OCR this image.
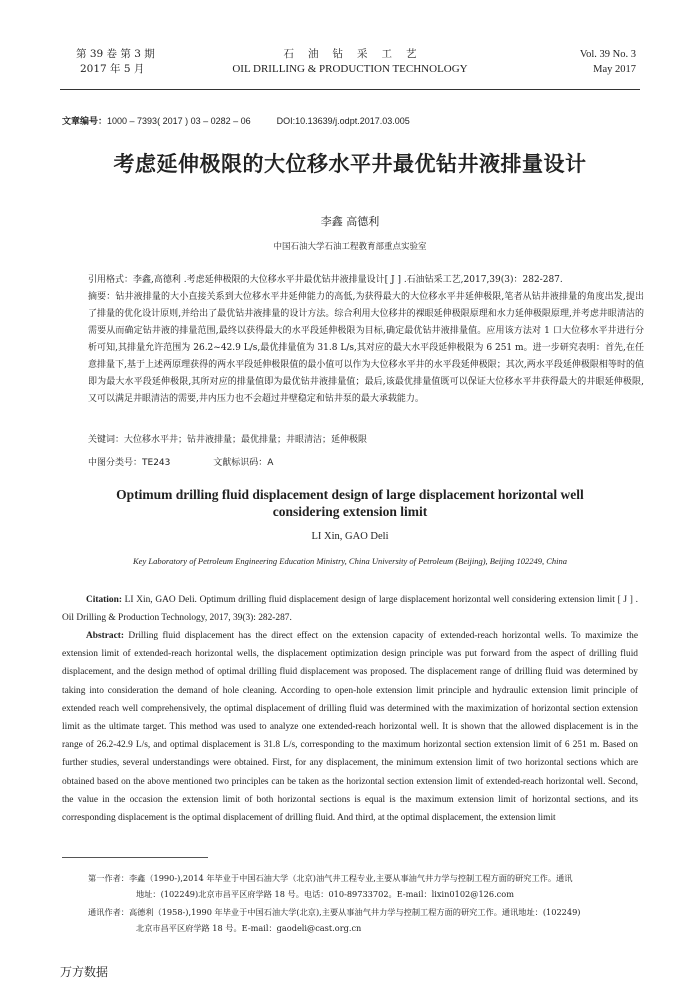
第 39 卷 第 3 期
2017 年 5 月
石油钻采工艺
OIL DRILLING & PRODUCTION TECHNOLOGY
Vol. 39 No. 3
May 2017
文章编号：1000 – 7393( 2017 ) 03 – 0282 – 06	DOI:10.13639/j.odpt.2017.03.005
考虑延伸极限的大位移水平井最优钻井液排量设计
李鑫 高德利
中国石油大学石油工程教育部重点实验室
引用格式：李鑫,高德利 .考虑延伸极限的大位移水平井最优钻井液排量设计[ J ] .石油钻采工艺,2017,39(3)：282-287.
摘要：钻井液排量的大小直接关系到大位移水平井延伸能力的高低,为获得最大的大位移水平井延伸极限,笔者从钻井液排量的角度出发,提出了排量的优化设计原则,并给出了最优钻井液排量的设计方法。综合利用大位移井的裸眼延伸极限原理和水力延伸极限原理,并考虑井眼清洁的需要从而确定钻井液的排量范围,最终以获得最大的水平段延伸极限为目标,确定最优钻井液排量值。应用该方法对 1 口大位移水平井进行分析可知,其排量允许范围为 26.2~42.9 L/s,最优排量值为 31.8 L/s,其对应的最大水平段延伸极限为 6 251 m。进一步研究表明：首先,在任意排量下,基于上述两原理获得的两水平段延伸极限值的最小值可以作为大位移水平井的水平段延伸极限；其次,两水平段延伸极限相等时的值即为最大水平段延伸极限,其所对应的排量值即为最优钻井液排量值；最后,该最优排量值既可以保证大位移水平井获得最大的井眼延伸极限,又可以满足井眼清洁的需要,井内压力也不会超过井壁稳定和钻井泵的最大承载能力。
关键词：大位移水平井；钻井液排量；最优排量；井眼清洁；延伸极限
中图分类号：TE243	文献标识码：A
Optimum drilling fluid displacement design of large displacement horizontal well considering extension limit
LI Xin, GAO Deli
Key Laboratory of Petroleum Engineering Education Ministry, China University of Petroleum (Beijing), Beijing 102249, China
Citation: LI Xin, GAO Deli. Optimum drilling fluid displacement design of large displacement horizontal well considering extension limit [ J ] . Oil Drilling & Production Technology, 2017, 39(3): 282-287.
Abstract: Drilling fluid displacement has the direct effect on the extension capacity of extended-reach horizontal wells. To maximize the extension limit of extended-reach horizontal wells, the displacement optimization design principle was put forward from the aspect of drilling fluid displacement, and the design method of optimal drilling fluid displacement was proposed. The displacement range of drilling fluid was determined by taking into consideration the demand of hole cleaning. According to open-hole extension limit principle and hydraulic extension limit principle of extended reach well comprehensively, the optimal displacement of drilling fluid was determined with the maximization of horizontal section extension limit as the ultimate target. This method was used to analyze one extended-reach horizontal well. It is shown that the allowed displacement is in the range of 26.2-42.9 L/s, and optimal displacement is 31.8 L/s, corresponding to the maximum horizontal section extension limit of 6 251 m. Based on further studies, several understandings were obtained. First, for any displacement, the minimum extension limit of two horizontal sections which are obtained based on the above mentioned two principles can be taken as the horizontal section extension limit of extended-reach horizontal well. Second, the value in the occasion the extension limit of both horizontal sections is equal is the maximum extension limit of horizontal sections, and its corresponding displacement is the optimal displacement of drilling fluid. And third, at the optimal displacement, the extension limit
第一作者：李鑫（1990-),2014 年毕业于中国石油大学（北京)油气井工程专业,主要从事油气井力学与控制工程方面的研究工作。通讯
地址：(102249)北京市昌平区府学路 18 号。电话：010-89733702。E-mail：lixin0102@126.com
通讯作者：高德利（1958-),1990 年毕业于中国石油大学(北京),主要从事油气井力学与控制工程方面的研究工作。通讯地址：(102249)
北京市昌平区府学路 18 号。E-mail：gaodeli@cast.org.cn
万方数据
